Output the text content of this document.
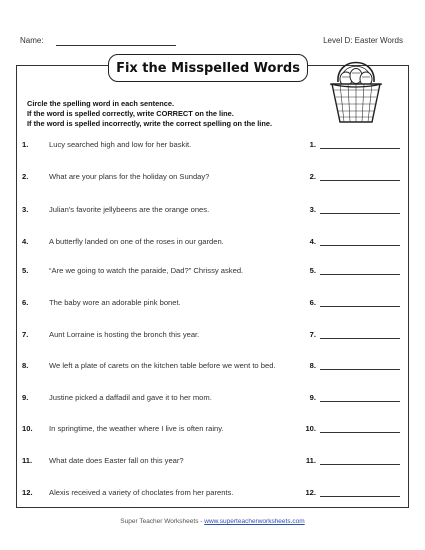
Name:	Level D: Easter Words
Fix the Misspelled Words
Circle the spelling word in each sentence.
If the word is spelled correctly, write CORRECT on the line.
If the word is spelled incorrectly, write the correct spelling on the line.
1.	Lucy searched high and low for her baskit.	1.
2.	What are your plans for the holiday on Sunday?	2.
3.	Julian's favorite jellybeens are the orange ones.	3.
4.	A butterfly landed on one of the roses in our garden.	4.
5.	“Are we going to watch the paraide, Dad?” Chrissy asked.	5.
6.	The baby wore an adorable pink bonet.	6.
7.	Aunt Lorraine is hosting the bronch this year.	7.
8.	We left a plate of carets on the kitchen table before we went to bed.	8.
9.	Justine picked a daffadil and gave it to her mom.	9.
10. In springtime, the weather where I live is often rainy.	10.
11. What date does Easter fall on this year?	11.
12. Alexis received a variety of choclates from her parents.	12.
Super Teacher Worksheets - www.superteacherworksheets.com
